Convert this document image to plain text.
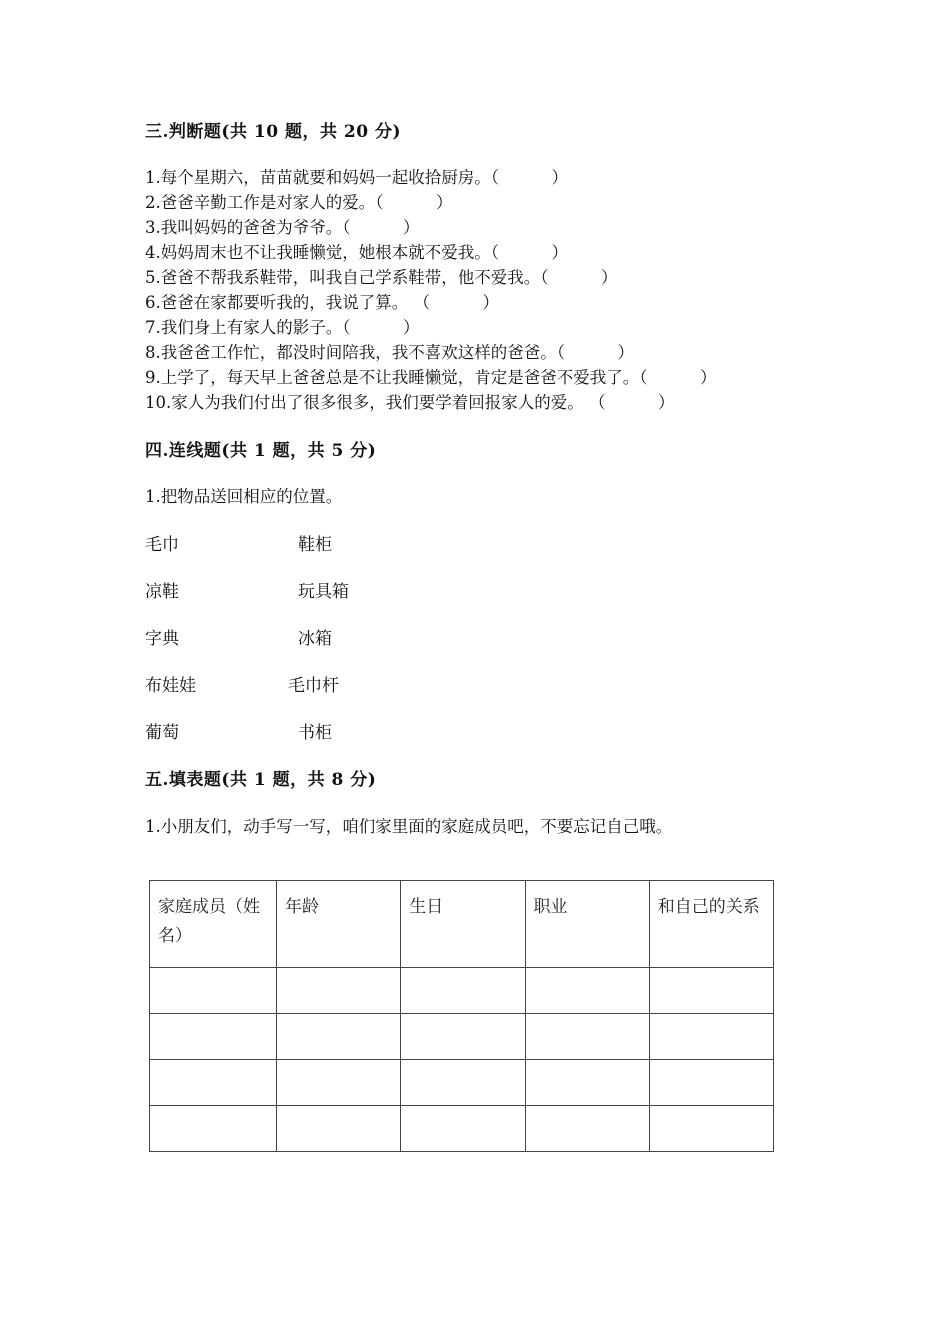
三.判断题(共 10 题，共 20 分)
1.每个星期六，苗苗就要和妈妈一起收拾厨房。（          ）
2.爸爸辛勤工作是对家人的爱。（          ）
3.我叫妈妈的爸爸为爷爷。（          ）
4.妈妈周末也不让我睡懒觉，她根本就不爱我。（          ）
5.爸爸不帮我系鞋带，叫我自己学系鞋带，他不爱我。（          ）
6.爸爸在家都要听我的，我说了算。 （          ）
7.我们身上有家人的影子。（          ）
8.我爸爸工作忙，都没时间陪我，我不喜欢这样的爸爸。（          ）
9.上学了，每天早上爸爸总是不让我睡懒觉，肯定是爸爸不爱我了。（          ）
10.家人为我们付出了很多很多，我们要学着回报家人的爱。 （          ）
四.连线题(共 1 题，共 5 分)
1.把物品送回相应的位置。
毛巾	鞋柜
凉鞋	玩具箱
字典	冰箱
布娃娃	毛巾杆
葡萄	书柜
五.填表题(共 1 题，共 8 分)
1.小朋友们，动手写一写，咱们家里面的家庭成员吧，不要忘记自己哦。
家庭成员（姓名）	年龄	生日	职业	和自己的关系
